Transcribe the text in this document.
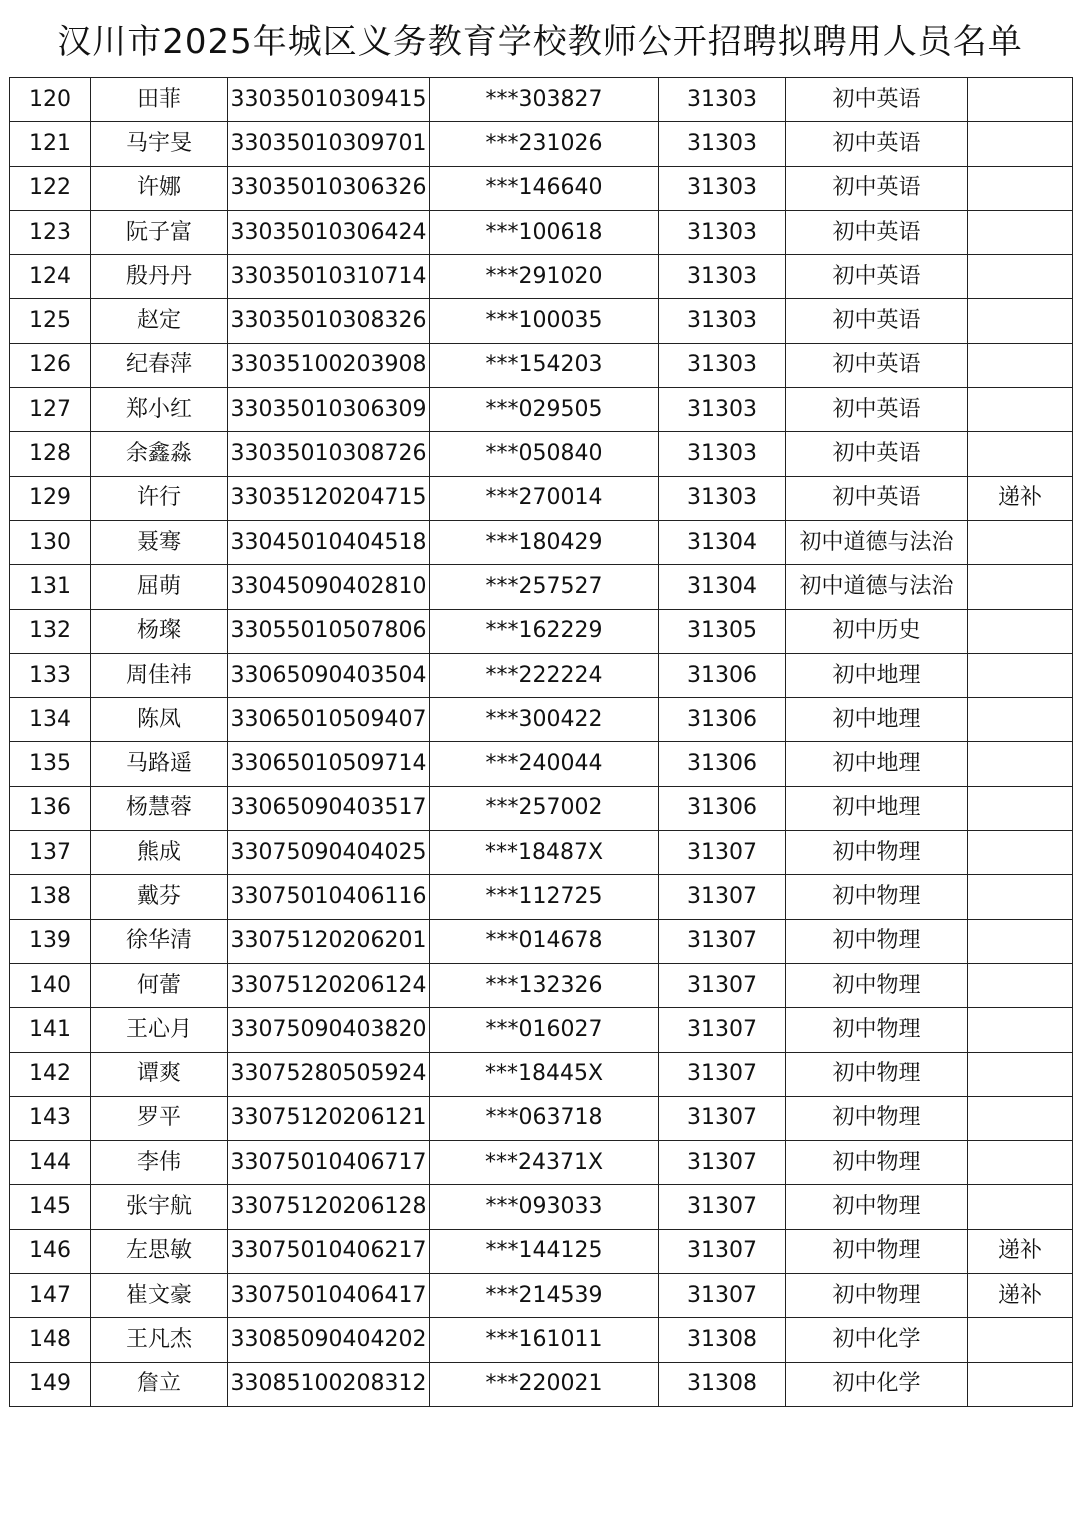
汉川市2025年城区义务教育学校教师公开招聘拟聘用人员名单
120	田菲	33035010309415	***303827	31303	初中英语	
121	马宇旻	33035010309701	***231026	31303	初中英语	
122	许娜	33035010306326	***146640	31303	初中英语	
123	阮子富	33035010306424	***100618	31303	初中英语	
124	殷丹丹	33035010310714	***291020	31303	初中英语	
125	赵定	33035010308326	***100035	31303	初中英语	
126	纪春萍	33035100203908	***154203	31303	初中英语	
127	郑小红	33035010306309	***029505	31303	初中英语	
128	余鑫淼	33035010308726	***050840	31303	初中英语	
129	许行	33035120204715	***270014	31303	初中英语	递补
130	聂骞	33045010404518	***180429	31304	初中道德与法治	
131	屈萌	33045090402810	***257527	31304	初中道德与法治	
132	杨璨	33055010507806	***162229	31305	初中历史	
133	周佳祎	33065090403504	***222224	31306	初中地理	
134	陈凤	33065010509407	***300422	31306	初中地理	
135	马路遥	33065010509714	***240044	31306	初中地理	
136	杨慧蓉	33065090403517	***257002	31306	初中地理	
137	熊成	33075090404025	***18487X	31307	初中物理	
138	戴芬	33075010406116	***112725	31307	初中物理	
139	徐华清	33075120206201	***014678	31307	初中物理	
140	何蕾	33075120206124	***132326	31307	初中物理	
141	王心月	33075090403820	***016027	31307	初中物理	
142	谭爽	33075280505924	***18445X	31307	初中物理	
143	罗平	33075120206121	***063718	31307	初中物理	
144	李伟	33075010406717	***24371X	31307	初中物理	
145	张宇航	33075120206128	***093033	31307	初中物理	
146	左思敏	33075010406217	***144125	31307	初中物理	递补
147	崔文豪	33075010406417	***214539	31307	初中物理	递补
148	王凡杰	33085090404202	***161011	31308	初中化学	
149	詹立	33085100208312	***220021	31308	初中化学	
